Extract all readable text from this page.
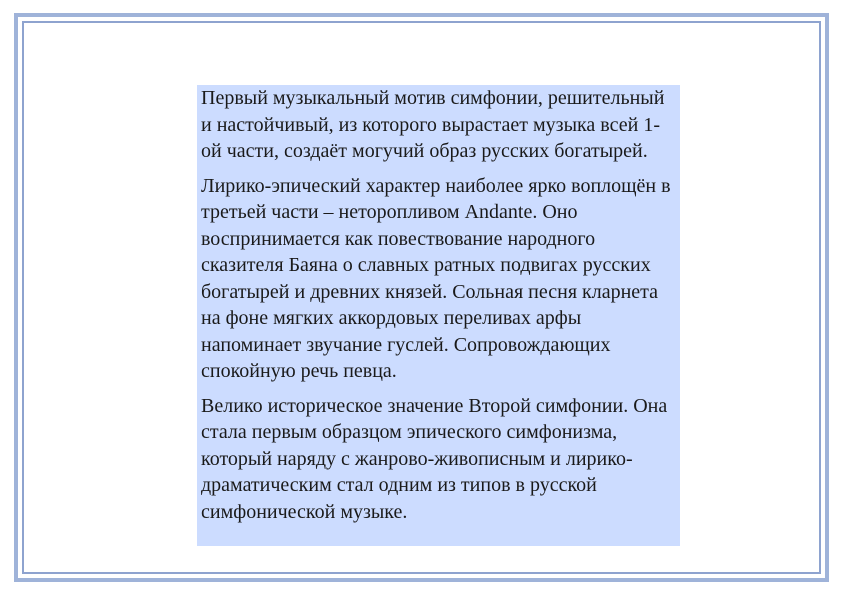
Первый музыкальный мотив симфонии, решительный и настойчивый, из которого вырастает музыка всей 1-ой части, создаёт могучий образ русских богатырей.

Лирико-эпический характер наиболее ярко воплощён в третьей части – неторопливом Andante. Оно воспринимается как повествование народного сказителя Баяна о славных ратных подвигах русских богатырей и древних князей. Сольная песня кларнета на фоне мягких аккордовых переливах арфы напоминает звучание гуслей. Сопровождающих спокойную речь певца.

Велико историческое значение Второй симфонии. Она стала первым образцом эпического симфонизма, который наряду с жанрово-живописным и лирико-драматическим стал одним из типов в русской симфонической музыке.
